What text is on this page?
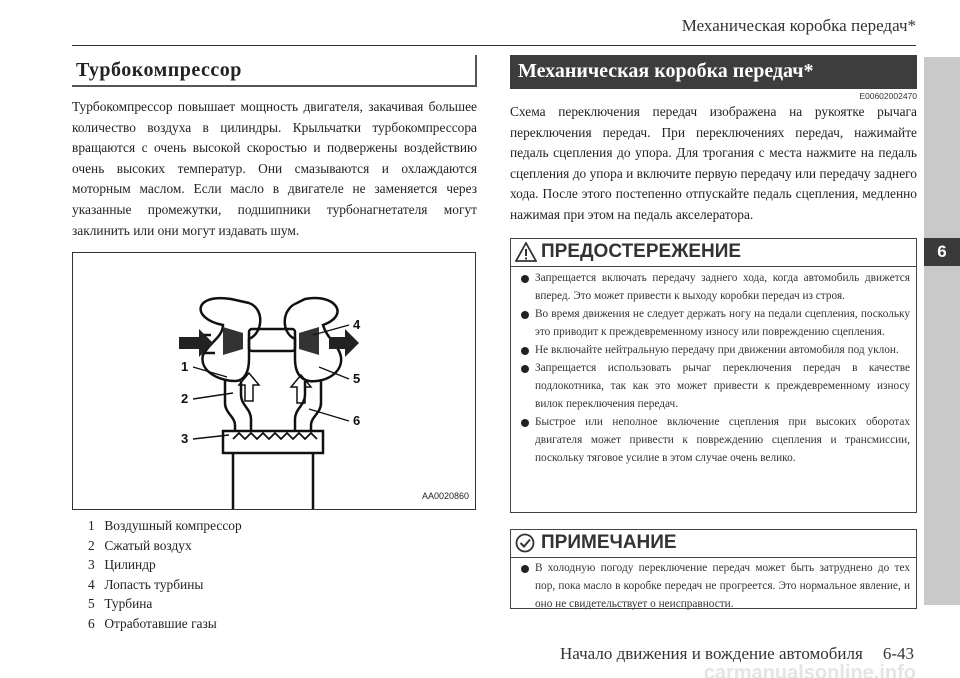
Механическая коробка передач*
6
Турбокомпрессор

Турбокомпрессор повышает мощность двигателя, закачивая большее количество воздуха в цилиндры. Крыльчатки турбокомпрессора вращаются с очень высокой скоростью и подвержены воздействию очень высоких температур. Они смазываются и охлаждаются моторным маслом. Если масло в двигателе не заменяется через указанные промежутки, подшипники турбонагнетателя могут заклинить или они могут издавать шум.

1
2
3
4
5
6
AA0020860
1 Воздушный компрессор
2 Сжатый воздух
3 Цилиндр
4 Лопасть турбины
5 Турбина
6 Отработавшие газы
Механическая коробка передач*
E00602002470

Схема переключения передач изображена на рукоятке рычага переключения передач. При переключениях передач, нажимайте педаль сцепления до упора. Для трогания с места нажмите на педаль сцепления до упора и включите первую передачу или передачу заднего хода. После этого постепенно отпускайте педаль сцепления, медленно нажимая при этом на педаль акселератора.

ПРЕДОСТЕРЕЖЕНИЕ
Запрещается включать передачу заднего хода, когда автомобиль движется вперед. Это может привести к выходу коробки передач из строя.
Во время движения не следует держать ногу на педали сцепления, поскольку это приводит к преждевременному износу или повреждению сцепления.
Не включайте нейтральную передачу при движении автомобиля под уклон.
Запрещается использовать рычаг переключения передач в качестве подлокотника, так как это может привести к преждевременному износу вилок переключения передач.
Быстрое или неполное включение сцепления при высоких оборотах двигателя может привести к повреждению сцепления и трансмиссии, поскольку тяговое усилие в этом случае очень велико.
ПРИМЕЧАНИЕ
В холодную погоду переключение передач может быть затруднено до тех пор, пока масло в коробке передач не прогреется. Это нормальное явление, и оно не свидетельствует о неисправности.
Начало движения и вождение автомобиля 6-43
carmanualsonline.info
